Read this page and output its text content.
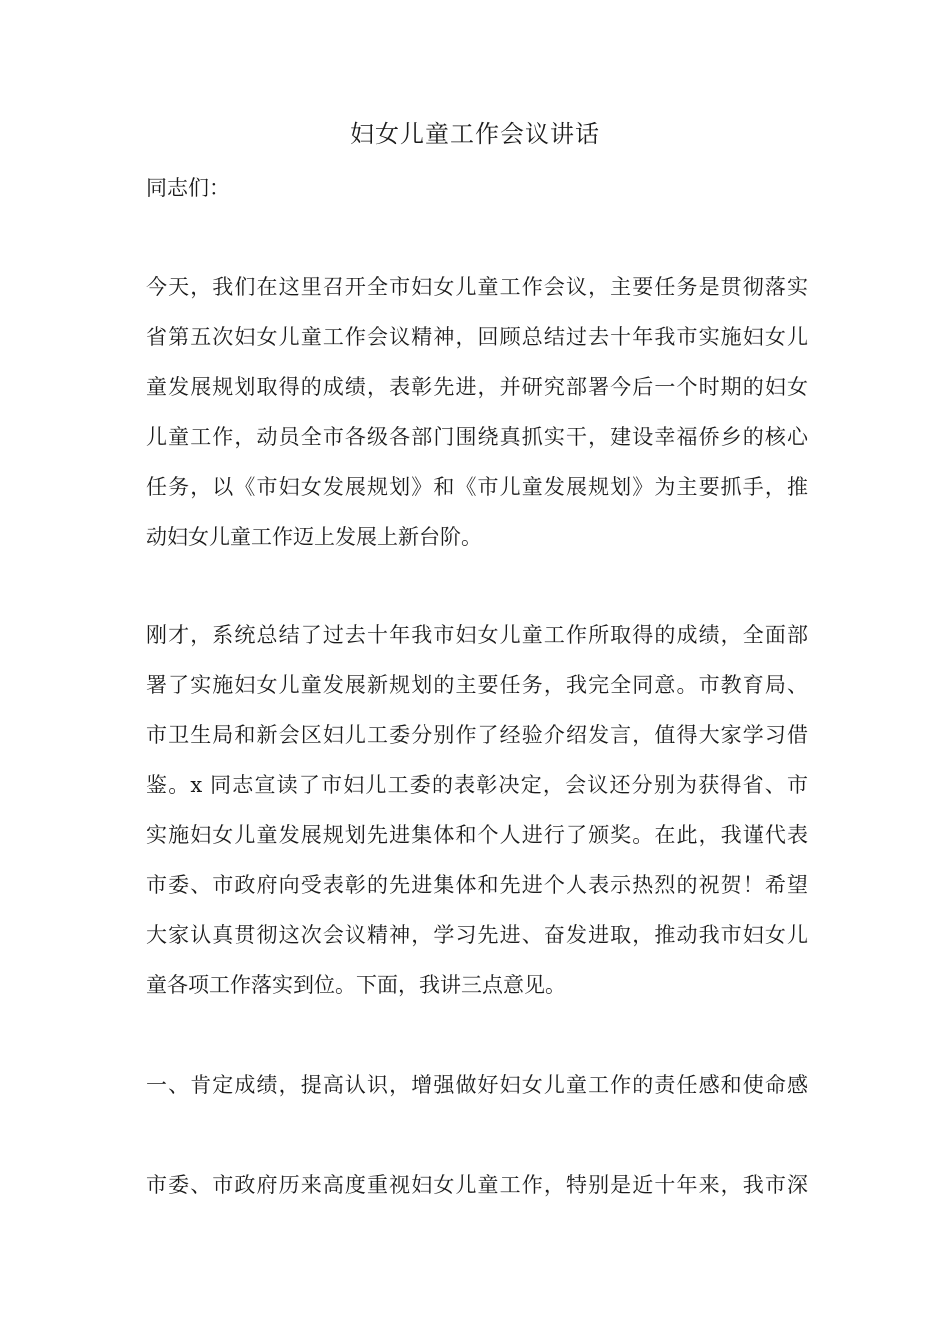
妇女儿童工作会议讲话
同志们：
今天，我们在这里召开全市妇女儿童工作会议，主要任务是贯彻落实
省第五次妇女儿童工作会议精神，回顾总结过去十年我市实施妇女儿
童发展规划取得的成绩，表彰先进，并研究部署今后一个时期的妇女
儿童工作，动员全市各级各部门围绕真抓实干，建设幸福侨乡的核心
任务，以《市妇女发展规划》和《市儿童发展规划》为主要抓手，推
动妇女儿童工作迈上发展上新台阶。
刚才，系统总结了过去十年我市妇女儿童工作所取得的成绩，全面部
署了实施妇女儿童发展新规划的主要任务，我完全同意。市教育局、
市卫生局和新会区妇儿工委分别作了经验介绍发言，值得大家学习借
鉴。x 同志宣读了市妇儿工委的表彰决定，会议还分别为获得省、市
实施妇女儿童发展规划先进集体和个人进行了颁奖。在此，我谨代表
市委、市政府向受表彰的先进集体和先进个人表示热烈的祝贺！希望
大家认真贯彻这次会议精神，学习先进、奋发进取，推动我市妇女儿
童各项工作落实到位。下面，我讲三点意见。
一、肯定成绩，提高认识，增强做好妇女儿童工作的责任感和使命感
市委、市政府历来高度重视妇女儿童工作，特别是近十年来，我市深
